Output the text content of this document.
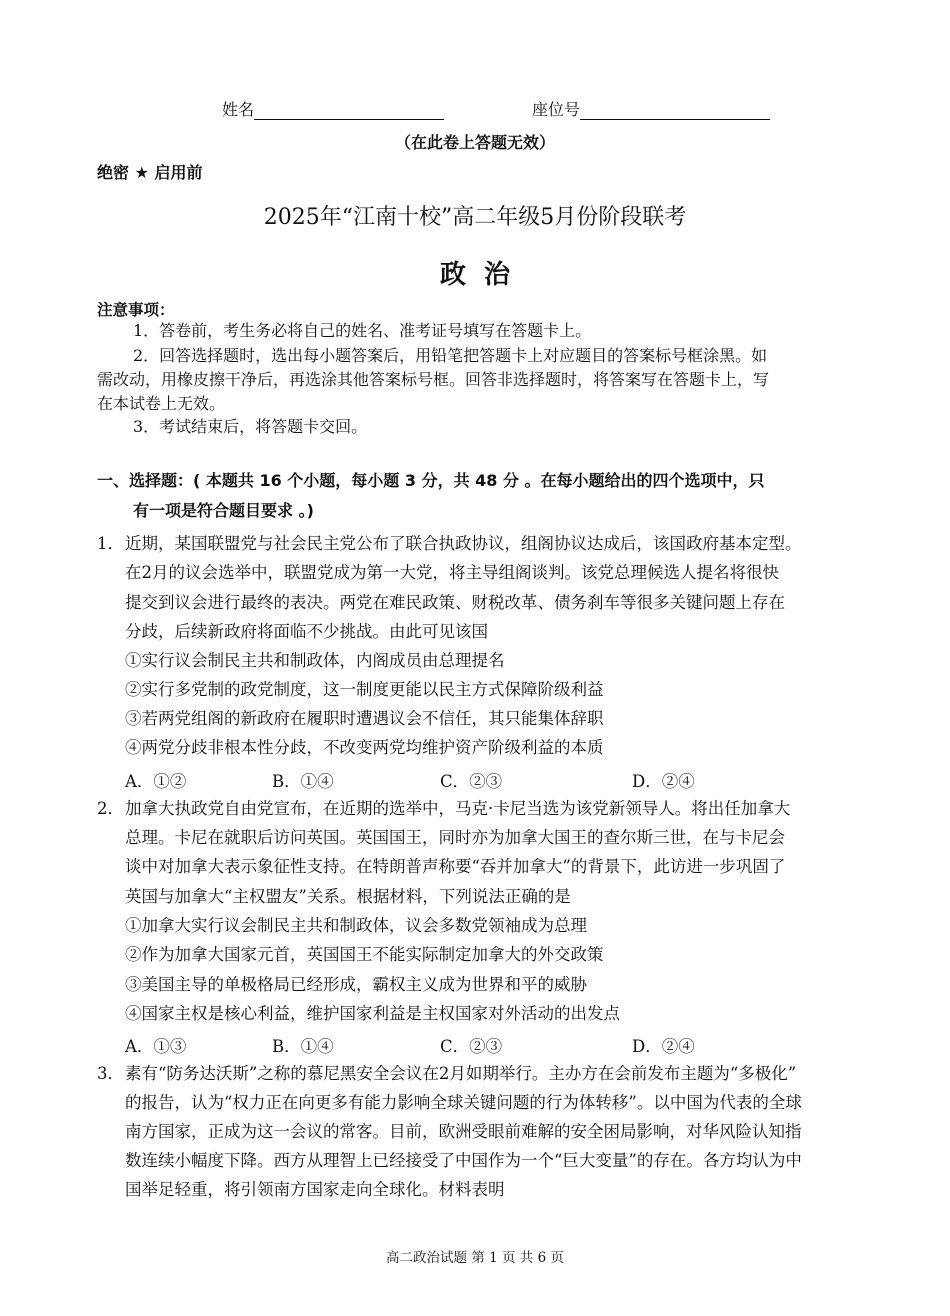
姓名	座位号
（在此卷上答题无效）
绝密 ★ 启用前
2025年“江南十校”高二年级5月份阶段联考
政  治
注意事项：
1．答卷前，考生务必将自己的姓名、准考证号填写在答题卡上。
2．回答选择题时，选出每小题答案后，用铅笔把答题卡上对应题目的答案标号框涂黑。如
需改动，用橡皮擦干净后，再选涂其他答案标号框。回答非选择题时，将答案写在答题卡上，写
在本试卷上无效。
3．考试结束后，将答题卡交回。
一、选择题：( 本题共 16 个小题，每小题 3 分，共 48 分 。在每小题给出的四个选项中，只
有一项是符合题目要求 。)
1． 近期，某国联盟党与社会民主党公布了联合执政协议，组阁协议达成后，该国政府基本定型。
在2月的议会选举中，联盟党成为第一大党，将主导组阁谈判。该党总理候选人提名将很快
提交到议会进行最终的表决。两党在难民政策、财税改革、债务刹车等很多关键问题上存在
分歧，后续新政府将面临不少挑战。由此可见该国
①实行议会制民主共和制政体，内阁成员由总理提名
②实行多党制的政党制度，这一制度更能以民主方式保障阶级利益
③若两党组阁的新政府在履职时遭遇议会不信任，其只能集体辞职
④两党分歧非根本性分歧，不改变两党均维护资产阶级利益的本质
A．①②	B．①④	C．②③	D．②④
2． 加拿大执政党自由党宣布，在近期的选举中，马克·卡尼当选为该党新领导人。将出任加拿大
总理。卡尼在就职后访问英国。英国国王，同时亦为加拿大国王的查尔斯三世，在与卡尼会
谈中对加拿大表示象征性支持。在特朗普声称要“吞并加拿大”的背景下，此访进一步巩固了
英国与加拿大“主权盟友”关系。根据材料，下列说法正确的是
①加拿大实行议会制民主共和制政体，议会多数党领袖成为总理
②作为加拿大国家元首，英国国王不能实际制定加拿大的外交政策
③美国主导的单极格局已经形成，霸权主义成为世界和平的威胁
④国家主权是核心利益，维护国家利益是主权国家对外活动的出发点
A．①③	B．①④	C．②③	D．②④
3． 素有“防务达沃斯”之称的慕尼黑安全会议在2月如期举行。主办方在会前发布主题为“多极化”
的报告，认为“权力正在向更多有能力影响全球关键问题的行为体转移”。以中国为代表的全球
南方国家，正成为这一会议的常客。目前，欧洲受眼前难解的安全困局影响，对华风险认知指
数连续小幅度下降。西方从理智上已经接受了中国作为一个“巨大变量”的存在。各方均认为中
国举足轻重，将引领南方国家走向全球化。材料表明
高二政治试题 第 1 页 共 6 页
